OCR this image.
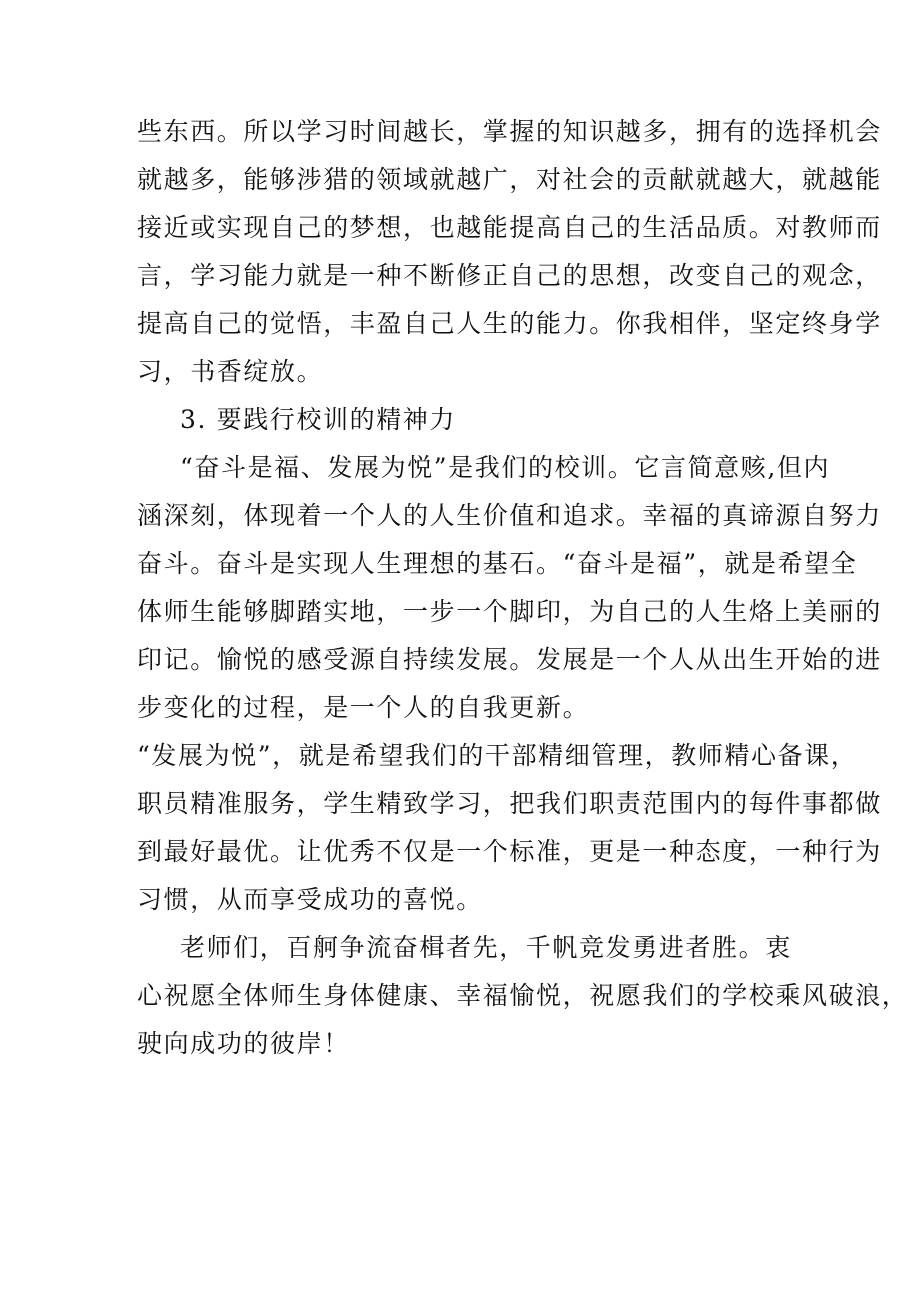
些东西。所以学习时间越长，掌握的知识越多，拥有的选择机会
就越多，能够涉猎的领域就越广，对社会的贡献就越大，就越能
接近或实现自己的梦想，也越能提高自己的生活品质。对教师而
言，学习能力就是一种不断修正自己的思想，改变自己的观念，
提高自己的觉悟，丰盈自己人生的能力。你我相伴，坚定终身学
习，书香绽放。
3. 要践行校训的精神力
“奋斗是福、发展为悦”是我们的校训。它言简意赅,但内
涵深刻，体现着一个人的人生价值和追求。幸福的真谛源自努力
奋斗。奋斗是实现人生理想的基石。“奋斗是福”，就是希望全
体师生能够脚踏实地，一步一个脚印，为自己的人生烙上美丽的
印记。愉悦的感受源自持续发展。发展是一个人从出生开始的进
步变化的过程，是一个人的自我更新。
“发展为悦”，就是希望我们的干部精细管理，教师精心备课，
职员精准服务，学生精致学习，把我们职责范围内的每件事都做
到最好最优。让优秀不仅是一个标准，更是一种态度，一种行为
习惯，从而享受成功的喜悦。
老师们，百舸争流奋楫者先，千帆竞发勇进者胜。衷
心祝愿全体师生身体健康、幸福愉悦，祝愿我们的学校乘风破浪，
驶向成功的彼岸！
